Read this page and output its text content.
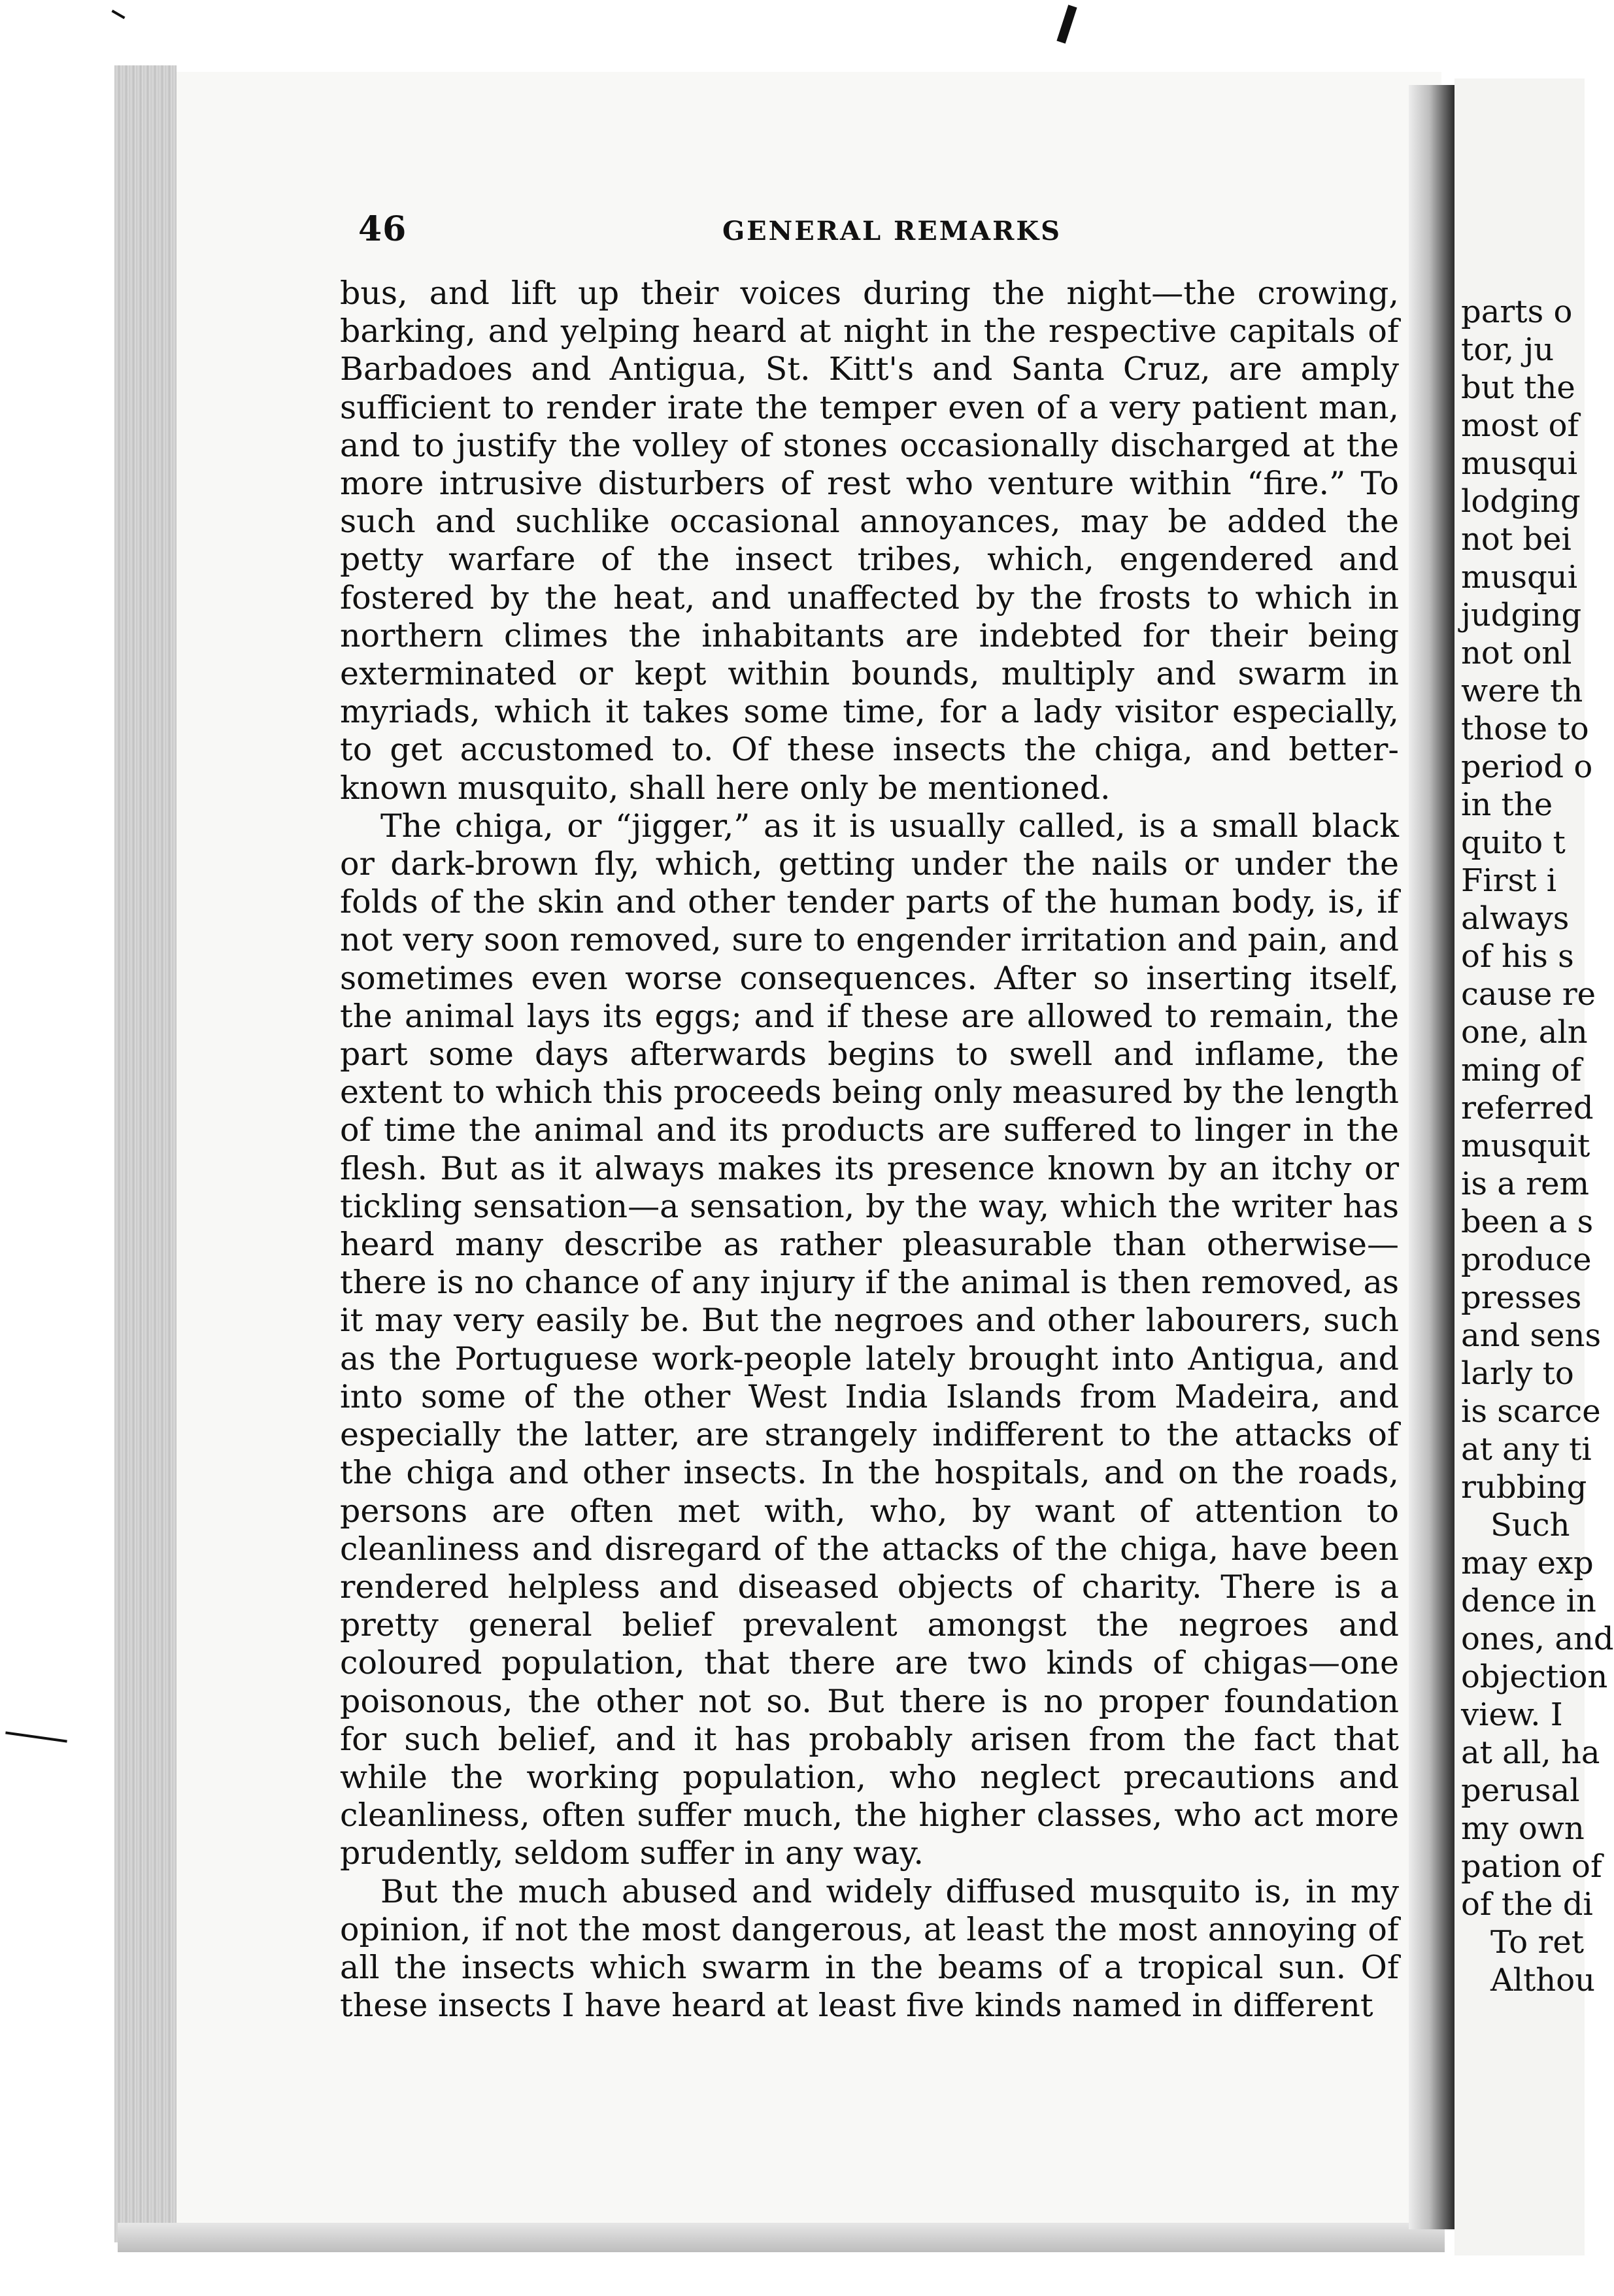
46	GENERAL REMARKS

bus, and lift up their voices during the night—the crowing, barking, and yelping heard at night in the respective capitals of Barbadoes and Antigua, St. Kitt's and Santa Cruz, are amply sufficient to render irate the temper even of a very patient man, and to justify the volley of stones occasionally discharged at the more intrusive disturbers of rest who venture within “fire.” To such and suchlike occasional annoyances, may be added the petty warfare of the insect tribes, which, engendered and fostered by the heat, and unaffected by the frosts to which in northern climes the inhabitants are indebted for their being exterminated or kept within bounds, multiply and swarm in myriads, which it takes some time, for a lady visitor especially, to get accustomed to. Of these insects the chiga, and better-known musquito, shall here only be mentioned.

The chiga, or “jigger,” as it is usually called, is a small black or dark-brown fly, which, getting under the nails or under the folds of the skin and other tender parts of the human body, is, if not very soon removed, sure to engender irritation and pain, and sometimes even worse consequences. After so inserting itself, the animal lays its eggs; and if these are allowed to remain, the part some days afterwards begins to swell and inflame, the extent to which this proceeds being only measured by the length of time the animal and its products are suffered to linger in the flesh. But as it always makes its presence known by an itchy or tickling sensation—a sensation, by the way, which the writer has heard many describe as rather pleasurable than otherwise—there is no chance of any injury if the animal is then removed, as it may very easily be. But the negroes and other labourers, such as the Portuguese work-people lately brought into Antigua, and into some of the other West India Islands from Madeira, and especially the latter, are strangely indifferent to the attacks of the chiga and other insects. In the hospitals, and on the roads, persons are often met with, who, by want of attention to cleanliness and disregard of the attacks of the chiga, have been rendered helpless and diseased objects of charity. There is a pretty general belief prevalent amongst the negroes and coloured population, that there are two kinds of chigas—one poisonous, the other not so. But there is no proper foundation for such belief, and it has probably arisen from the fact that while the working population, who neglect precautions and cleanliness, often suffer much, the higher classes, who act more prudently, seldom suffer in any way.

But the much abused and widely diffused musquito is, in my opinion, if not the most dangerous, at least the most annoying of all the insects which swarm in the beams of a tropical sun. Of these insects I have heard at least five kinds named in different

parts o
tor, ju
but the
most of
musqui
lodging
not bei
musqui
judging
not onl
were th
those to
period o
in the
quito t
First i
always
of his s
cause re
one, aln
ming of
referred
musquit
is a rem
been a s
produce
presses
and sens
larly to
is scarce
at any ti
rubbing
Such
may exp
dence in
ones, and
objection
view. I
at all, ha
perusal
my own
pation of
of the di
To ret
Althou
